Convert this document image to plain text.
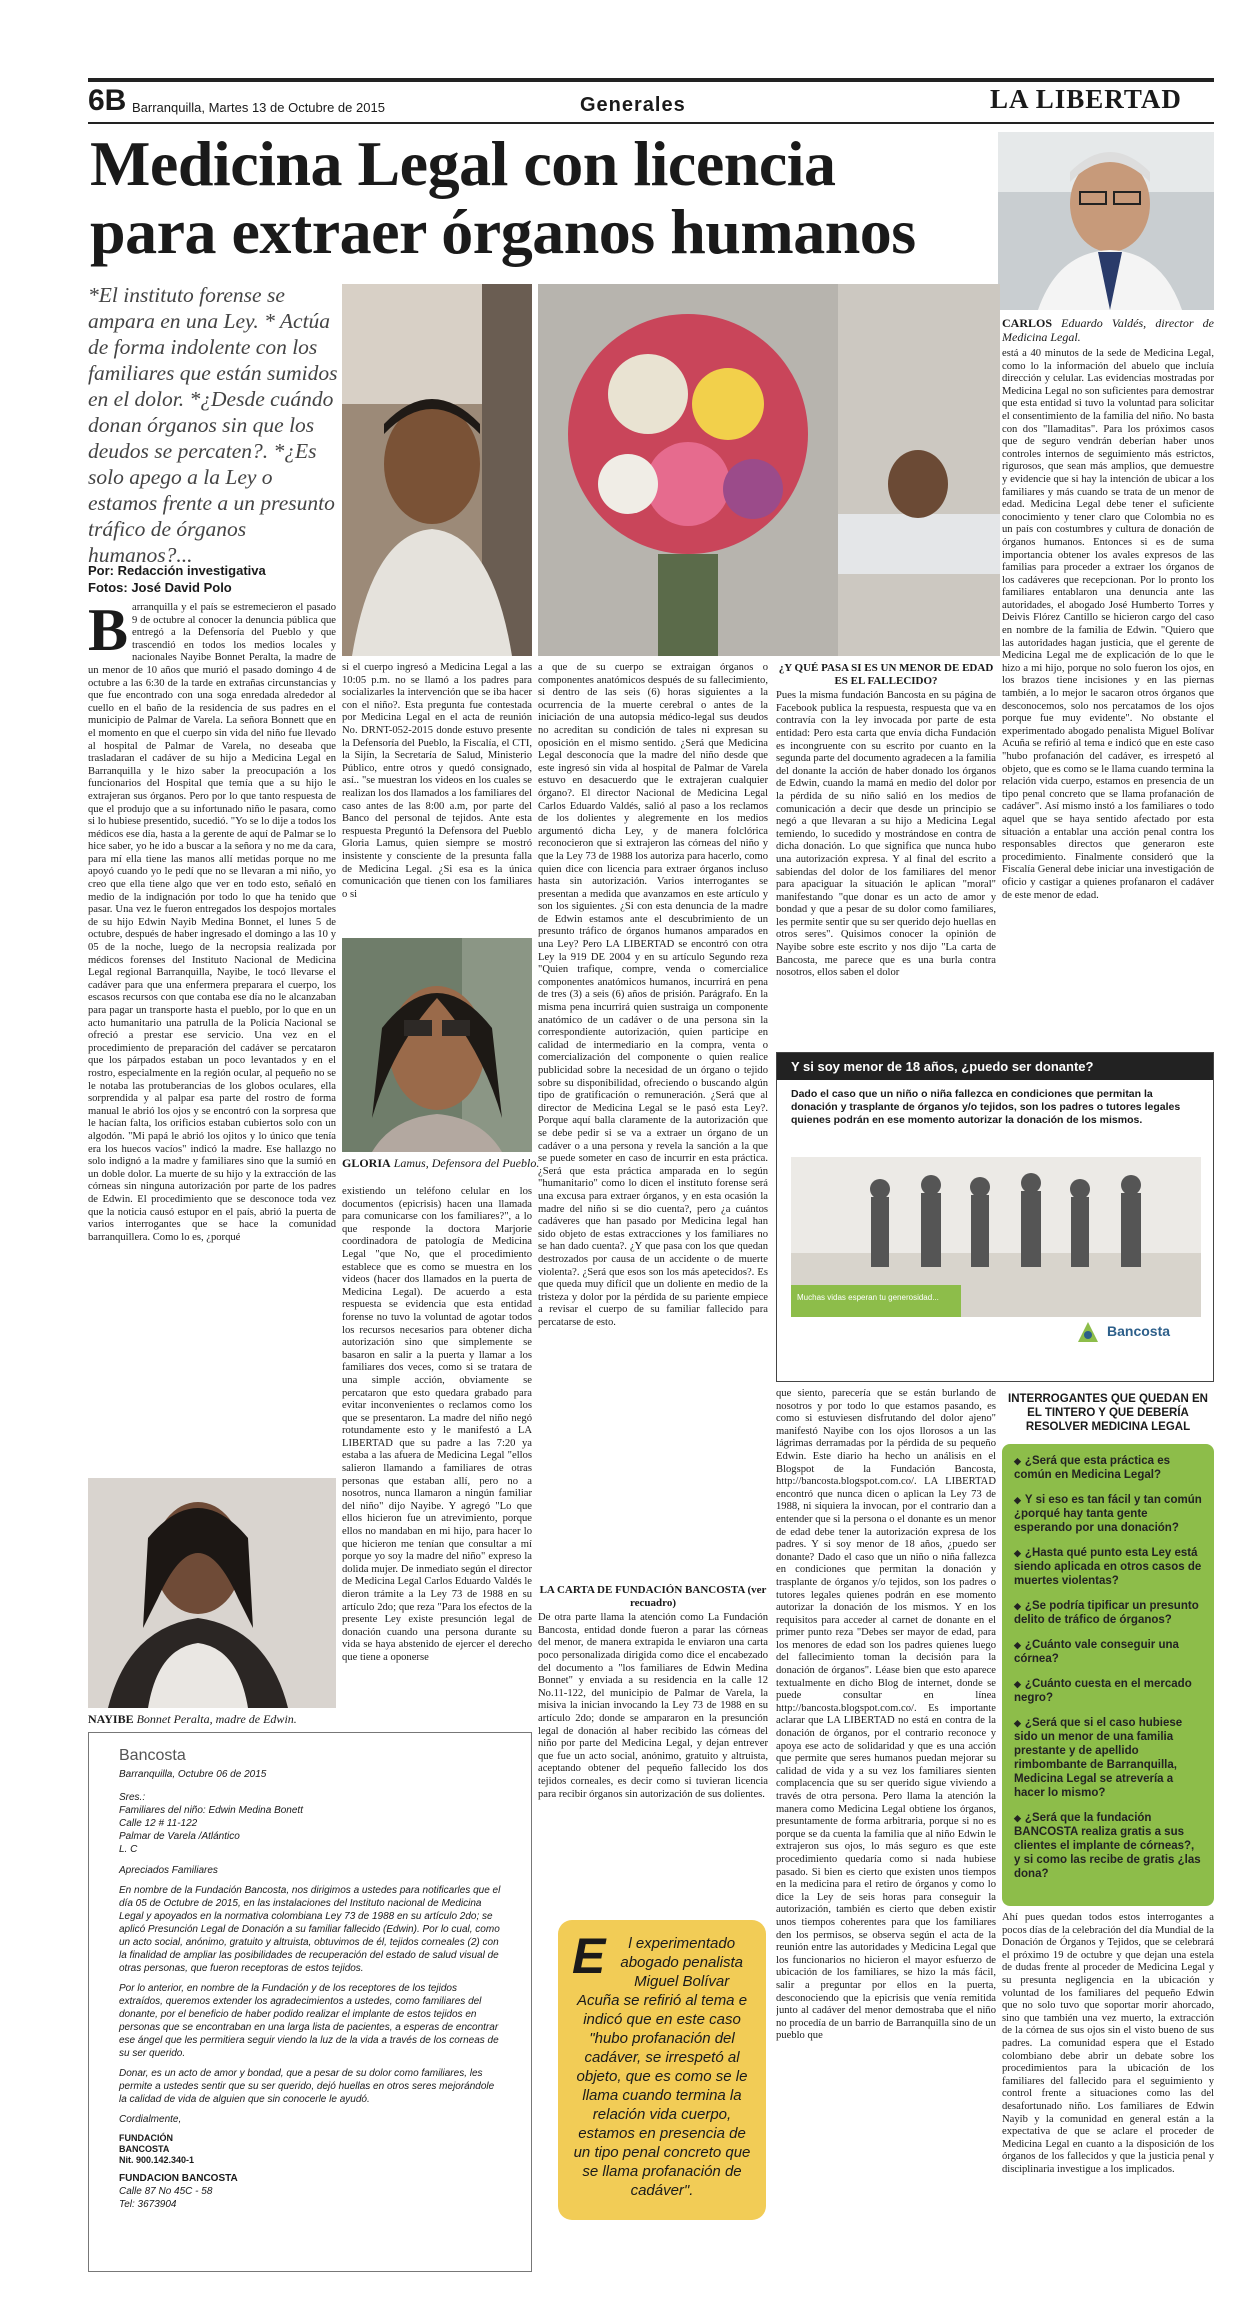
6B Barranquilla, Martes 13 de Octubre de 2015	Generales	LA LIBERTAD
Medicina Legal con licencia
para extraer órganos humanos
*El instituto forense se ampara en una Ley. * Actúa de forma indolente con los familiares que están sumidos en el dolor. *¿Desde cuándo donan órganos sin que los deudos se percaten?. *¿Es solo apego a la Ley o estamos frente a un presunto tráfico de órganos humanos?...
Por: Redacción investigativa
Fotos: José David Polo

Barranquilla y el país se estremecieron el pasado 9 de octubre al conocer la denuncia pública que entregó a la Defensoría del Pueblo y que trascendió en todos los medios locales y nacionales Nayibe Bonnet Peralta, la madre de un menor de 10 años que murió el pasado domingo 4 de octubre a las 6:30 de la tarde en extrañas circunstancias y que fue encontrado con una soga enredada alrededor al cuello en el baño de la residencia de sus padres en el municipio de Palmar de Varela. La señora Bonnett que en el momento en que el cuerpo sin vida del niño fue llevado al hospital de Palmar de Varela, no deseaba que trasladaran el cadáver de su hijo a Medicina Legal en Barranquilla y le hizo saber la preocupación a los funcionarios del Hospital que temía que a su hijo le extrajeran sus órganos. Pero por lo que tanto respuesta de que el produjo que a su infortunado niño le pasara, como si lo hubiese presentido, sucedió. "Yo se lo dije a todos los médicos ese día, hasta a la gerente de aquí de Palmar se lo hice saber, yo he ido a buscar a la señora y no me da cara, para mí ella tiene las manos allí metidas porque no me apoyó cuando yo le pedí que no se llevaran a mi niño, yo creo que ella tiene algo que ver en todo esto, señaló en medio de la indignación por todo lo que ha tenido que pasar. Una vez le fueron entregados los despojos mortales de su hijo Edwin Nayib Medina Bonnet, el lunes 5 de octubre, después de haber ingresado el domingo a las 10 y 05 de la noche, luego de la necropsia realizada por médicos forenses del Instituto Nacional de Medicina Legal regional Barranquilla, Nayibe, le tocó llevarse el cadáver para que una enfermera preparara el cuerpo, los escasos recursos con que contaba ese día no le alcanzaban para pagar un transporte hasta el pueblo, por lo que en un acto humanitario una patrulla de la Policía Nacional se ofreció a prestar ese servicio. Una vez en el procedimiento de preparación del cadáver se percataron que los párpados estaban un poco levantados y en el rostro, especialmente en la región ocular, al pequeño no se le notaba las protuberancias de los globos oculares, ella sorprendida y al palpar esa parte del rostro de forma manual le abrió los ojos y se encontró con la sorpresa que le hacían falta, los orificios estaban cubiertos solo con un algodón. "Mi papá le abrió los ojitos y lo único que tenía era los huecos vacíos" indicó la madre. Ese hallazgo no solo indignó a la madre y familiares sino que la sumió en un doble dolor. La muerte de su hijo y la extracción de las córneas sin ninguna autorización por parte de los padres de Edwin. El procedimiento que se desconoce toda vez que la noticia causó estupor en el país, abrió la puerta de varios interrogantes que se hace la comunidad barranquillera. Como lo es, ¿porqué

NAYIBE Bonnet Peralta, madre de Edwin.

si el cuerpo ingresó a Medicina Legal a las 10:05 p.m. no se llamó a los padres para socializarles la intervención que se iba hacer con el niño?. Esta pregunta fue contestada por Medicina Legal en el acta de reunión No. DRNT-052-2015 donde estuvo presente la Defensoría del Pueblo, la Fiscalía, el CTI, la Sijín, la Secretaría de Salud, Ministerio Público, entre otros y quedó consignado, así.. "se muestran los videos en los cuales se realizan los dos llamados a los familiares del caso antes de las 8:00 a.m, por parte del Banco del personal de tejidos. Ante esta respuesta Preguntó la Defensora del Pueblo Gloria Lamus, quien siempre se mostró insistente y consciente de la presunta falla de Medicina Legal. ¿Si esa es la única comunicación que tienen con los familiares o si

GLORIA Lamus, Defensora del Pueblo.

existiendo un teléfono celular en los documentos (epicrisis) hacen una llamada para comunicarse con los familiares?", a lo que responde la doctora Marjorie coordinadora de patología de Medicina Legal "que No, que el procedimiento establece que es como se muestra en los videos (hacer dos llamados en la puerta de Medicina Legal). De acuerdo a esta respuesta se evidencia que esta entidad forense no tuvo la voluntad de agotar todos los recursos necesarios para obtener dicha autorización sino que simplemente se basaron en salir a la puerta y llamar a los familiares dos veces, como si se tratara de una simple acción, obviamente se percataron que esto quedara grabado para evitar inconvenientes o reclamos como los que se presentaron. La madre del niño negó rotundamente esto y le manifestó a LA LIBERTAD que su padre a las 7:20 ya estaba a las afuera de Medicina Legal "ellos salieron llamando a familiares de otras personas que estaban allí, pero no a nosotros, nunca llamaron a ningún familiar del niño" dijo Nayibe. Y agregó "Lo que ellos hicieron fue un atrevimiento, porque ellos no mandaban en mi hijo, para hacer lo que hicieron me tenían que consultar a mí porque yo soy la madre del niño" expreso la dolida mujer. De inmediato según el director de Medicina Legal Carlos Eduardo Valdés le dieron trámite a la Ley 73 de 1988 en su artículo 2do; que reza "Para los efectos de la presente Ley existe presunción legal de donación cuando una persona durante su vida se haya abstenido de ejercer el derecho que tiene a oponerse

a que de su cuerpo se extraigan órganos o componentes anatómicos después de su fallecimiento, si dentro de las seis (6) horas siguientes a la ocurrencia de la muerte cerebral o antes de la iniciación de una autopsia médico-legal sus deudos no acreditan su condición de tales ni expresan su oposición en el mismo sentido. ¿Será que Medicina Legal desconocía que la madre del niño desde que este ingresó sin vida al hospital de Palmar de Varela estuvo en desacuerdo que le extrajeran cualquier órgano?. El director Nacional de Medicina Legal Carlos Eduardo Valdés, salió al paso a los reclamos de los dolientes y alegremente en los medios argumentó dicha Ley, y de manera folclórica reconocieron que si extrajeron las córneas del niño y que la Ley 73 de 1988 los autoriza para hacerlo, como quien dice con licencia para extraer órganos incluso hasta sin autorización. Varios interrogantes se presentan a medida que avanzamos en este artículo y son los siguientes. ¿Si con esta denuncia de la madre de Edwin estamos ante el descubrimiento de un presunto tráfico de órganos humanos amparados en una Ley? Pero LA LIBERTAD se encontró con otra Ley la 919 DE 2004 y en su artículo Segundo reza "Quien trafique, compre, venda o comercialice componentes anatómicos humanos, incurrirá en pena de tres (3) a seis (6) años de prisión. Parágrafo. En la misma pena incurrirá quien sustraiga un componente anatómico de un cadáver o de una persona sin la correspondiente autorización, quien participe en calidad de intermediario en la compra, venta o comercialización del componente o quien realice publicidad sobre la necesidad de un órgano o tejido sobre su disponibilidad, ofreciendo o buscando algún tipo de gratificación o remuneración. ¿Será que al director de Medicina Legal se le pasó esta Ley?. Porque aquí balla claramente de la autorización que se debe pedir si se va a extraer un órgano de un cadáver o a una persona y revela la sanción a la que se puede someter en caso de incurrir en esta práctica. ¿Será que esta práctica amparada en lo según "humanitario" como lo dicen el instituto forense será una excusa para extraer órganos, y en esta ocasión la madre del niño si se dio cuenta?, pero ¿a cuántos cadáveres que han pasado por Medicina legal han sido objeto de estas extracciones y los familiares no se han dado cuenta?. ¿Y que pasa con los que quedan destrozados por causa de un accidente o de muerte violenta?. ¿Será que esos son los más apetecidos?. Es que queda muy difícil que un doliente en medio de la tristeza y dolor por la pérdida de su pariente empiece a revisar el cuerpo de su familiar fallecido para percatarse de esto.

LA CARTA DE FUNDACIÓN BANCOSTA (ver recuadro)

De otra parte llama la atención como La Fundación Bancosta, entidad donde fueron a parar las córneas del menor, de manera extrapida le enviaron una carta poco personalizada dirigida como dice el encabezado del documento a "los familiares de Edwin Medina Bonnet" y enviada a su residencia en la calle 12 No.11-122, del municipio de Palmar de Varela, la misiva la inician invocando la Ley 73 de 1988 en su artículo 2do; donde se ampararon en la presunción legal de donación al haber recibido las córneas del niño por parte del Medicina Legal, y dejan entrever que fue un acto social, anónimo, gratuito y altruista, aceptando obtener del pequeño fallecido los dos tejidos corneales, es decir como si tuvieran licencia para recibir órganos sin autorización de sus dolientes.

E l experimentado abogado penalista Miguel Bolívar Acuña se refirió al tema e indicó que en este caso "hubo profanación del cadáver, se irrespetó al objeto, que es como se le llama cuando termina la relación vida cuerpo, estamos en presencia de un tipo penal concreto que se llama profanación de cadáver".
¿Y QUÉ PASA SI ES UN MENOR DE EDAD ES EL FALLECIDO?

Pues la misma fundación Bancosta en su página de Facebook publica la respuesta, respuesta que va en contravía con la ley invocada por parte de esta entidad: Pero esta carta que envía dicha Fundación es incongruente con su escrito por cuanto en la segunda parte del documento agradecen a la familia del donante la acción de haber donado los órganos de Edwin, cuando la mamá en medio del dolor por la pérdida de su niño salió en los medios de comunicación a decir que desde un principio se negó a que llevaran a su hijo a Medicina Legal temiendo, lo sucedido y mostrándose en contra de dicha donación. Lo que significa que nunca hubo una autorización expresa. Y al final del escrito a sabiendas del dolor de los familiares del menor para apaciguar la situación le aplican "moral" manifestando "que donar es un acto de amor y bondad y que a pesar de su dolor como familiares, les permite sentir que su ser querido dejo huellas en otros seres". Quisimos conocer la opinión de Nayibe sobre este escrito y nos dijo "La carta de Bancosta, me parece que es una burla contra nosotros, ellos saben el dolor

CARLOS Eduardo Valdés, director de Medicina Legal.

está a 40 minutos de la sede de Medicina Legal, como lo la información del abuelo que incluía dirección y celular. Las evidencias mostradas por Medicina Legal no son suficientes para demostrar que esta entidad si tuvo la voluntad para solicitar el consentimiento de la familia del niño. No basta con dos "llamaditas". Para los próximos casos que de seguro vendrán deberían haber unos controles internos de seguimiento más estrictos, rigurosos, que sean más amplios, que demuestre y evidencie que si hay la intención de ubicar a los familiares y más cuando se trata de un menor de edad. Medicina Legal debe tener el suficiente conocimiento y tener claro que Colombia no es un país con costumbres y cultura de donación de órganos humanos. Entonces si es de suma importancia obtener los avales expresos de las familias para proceder a extraer los órganos de los cadáveres que recepcionan. Por lo pronto los familiares entablaron una denuncia ante las autoridades, el abogado José Humberto Torres y Deivis Flórez Cantillo se hicieron cargo del caso en nombre de la familia de Edwin. "Quiero que las autoridades hagan justicia, que el gerente de Medicina Legal me de explicación de lo que le hizo a mi hijo, porque no solo fueron los ojos, en los brazos tiene incisiones y en las piernas también, a lo mejor le sacaron otros órganos que desconocemos, solo nos percatamos de los ojos porque fue muy evidente". No obstante el experimentado abogado penalista Miguel Bolívar Acuña se refirió al tema e indicó que en este caso "hubo profanación del cadáver, es irrespetó al objeto, que es como se le llama cuando termina la relación vida cuerpo, estamos en presencia de un tipo penal concreto que se llama profanación de cadáver". Así mismo instó a los familiares o todo aquel que se haya sentido afectado por esta situación a entablar una acción penal contra los responsables directos que generaron este procedimiento. Finalmente consideró que la Fiscalía General debe iniciar una investigación de oficio y castigar a quienes profanaron el cadáver de este menor de edad.

Y si soy menor de 18 años, ¿puedo ser donante?
Dado el caso que un niño o niña fallezca en condiciones que permitan la donación y trasplante de órganos y/o tejidos, son los padres o tutores legales quienes podrán en ese momento autorizar la donación de los mismos.
Muchas vidas esperan tu generosidad...
Bancosta

que siento, parecería que se están burlando de nosotros y por todo lo que estamos pasando, es como si estuviesen disfrutando del dolor ajeno" manifestó Nayibe con los ojos llorosos a un las lágrimas derramadas por la pérdida de su pequeño Edwin. Este diario ha hecho un análisis en el Blogspot de la Fundación Bancosta, http://bancosta.blogspot.com.co/. LA LIBERTAD encontró que nunca dicen o aplican la Ley 73 de 1988, ni siquiera la invocan, por el contrario dan a entender que si la persona o el donante es un menor de edad debe tener la autorización expresa de los padres. Y si soy menor de 18 años, ¿puedo ser donante? Dado el caso que un niño o niña fallezca en condiciones que permitan la donación y trasplante de órganos y/o tejidos, son los padres o tutores legales quienes podrán en ese momento autorizar la donación de los mismos. Y en los requisitos para acceder al carnet de donante en el primer punto reza "Debes ser mayor de edad, para los menores de edad son los padres quienes luego del fallecimiento toman la decisión para la donación de órganos". Léase bien que esto aparece textualmente en dicho Blog de internet, donde se puede consultar en línea http://bancosta.blogspot.com.co/. Es importante aclarar que LA LIBERTAD no está en contra de la donación de órganos, por el contrario reconoce y apoya ese acto de solidaridad y que es una acción que permite que seres humanos puedan mejorar su calidad de vida y a su vez los familiares sienten complacencia que su ser querido sigue viviendo a través de otra persona. Pero llama la atención la manera como Medicina Legal obtiene los órganos, presuntamente de forma arbitraria, porque si no es porque se da cuenta la familia que al niño Edwin le extrajeron sus ojos, lo más seguro es que este procedimiento quedaría como si nada hubiese pasado. Si bien es cierto que existen unos tiempos en la medicina para el retiro de órganos y como lo dice la Ley de seis horas para conseguir la autorización, también es cierto que deben existir unos tiempos coherentes para que los familiares den los permisos, se observa según el acta de la reunión entre las autoridades y Medicina Legal que los funcionarios no hicieron el mayor esfuerzo de ubicación de los familiares, se hizo la más fácil, salir a preguntar por ellos en la puerta, desconociendo que la epicrisis que venía remitida junto al cadáver del menor demostraba que el niño no procedía de un barrio de Barranquilla sino de un pueblo que

INTERROGANTES QUE QUEDAN EN EL TINTERO Y QUE DEBERÍA RESOLVER MEDICINA LEGAL
◆ ¿Será que esta práctica es común en Medicina Legal?
◆ Y si eso es tan fácil y tan común ¿porqué hay tanta gente esperando por una donación?
◆ ¿Hasta qué punto esta Ley está siendo aplicada en otros casos de muertes violentas?
◆ ¿Se podría tipificar un presunto delito de tráfico de órganos?
◆ ¿Cuánto vale conseguir una córnea?
◆ ¿Cuánto cuesta en el mercado negro?
◆ ¿Será que si el caso hubiese sido un menor de una familia prestante y de apellido rimbombante de Barranquilla, Medicina Legal se atrevería a hacer lo mismo?
◆ ¿Será que la fundación BANCOSTA realiza gratis a sus clientes el implante de córneas?, y si como las recibe de gratis ¿las dona?

Ahí pues quedan todos estos interrogantes a pocos días de la celebración del día Mundial de la Donación de Órganos y Tejidos, que se celebrará el próximo 19 de octubre y que dejan una estela de dudas frente al proceder de Medicina Legal y su presunta negligencia en la ubicación y voluntad de los familiares del pequeño Edwin que no solo tuvo que soportar morir ahorcado, sino que también una vez muerto, la extracción de la córnea de sus ojos sin el visto bueno de sus padres. La comunidad espera que el Estado colombiano debe abrir un debate sobre los procedimientos para la ubicación de los familiares del fallecido para el seguimiento y control frente a situaciones como las del desafortunado niño. Los familiares de Edwin Nayib y la comunidad en general están a la expectativa de que se aclare el proceder de Medicina Legal en cuanto a la disposición de los órganos de los fallecidos y que la justicia penal y disciplinaria investigue a los implicados.

Bancosta

Barranquilla, Octubre 06 de 2015

Sres.:
Familiares del niño: Edwin Medina Bonett
Calle 12 # 11-122
Palmar de Varela /Atlántico
L. C

Apreciados Familiares

En nombre de la Fundación Bancosta, nos dirigimos a ustedes para notificarles que el día 05 de Octubre de 2015, en las instalaciones del Instituto nacional de Medicina Legal y apoyados en la normativa colombiana Ley 73 de 1988 en su artículo 2do; se aplicó Presunción Legal de Donación a su familiar fallecido (Edwin). Por lo cual, como un acto social, anónimo, gratuito y altruista, obtuvimos de él, tejidos corneales (2) con la finalidad de ampliar las posibilidades de recuperación del estado de salud visual de otras personas, que fueron receptoras de estos tejidos.

Por lo anterior, en nombre de la Fundación y de los receptores de los tejidos extraídos, queremos extender los agradecimientos a ustedes, como familiares del donante, por el beneficio de haber podido realizar el implante de estos tejidos en personas que se encontraban en una larga lista de pacientes, a esperas de encontrar ese ángel que les permitiera seguir viendo la luz de la vida a través de los corneas de su ser querido.

Donar, es un acto de amor y bondad, que a pesar de su dolor como familiares, les permite a ustedes sentir que su ser querido, dejó huellas en otros seres mejorándole la calidad de vida de alguien que sin conocerle le ayudó.

Cordialmente,

FUNDACIÓN
BANCOSTA
Nit. 900.142.340-1
FUNDACION BANCOSTA
Calle 87 No 45C - 58
Tel: 3673904
